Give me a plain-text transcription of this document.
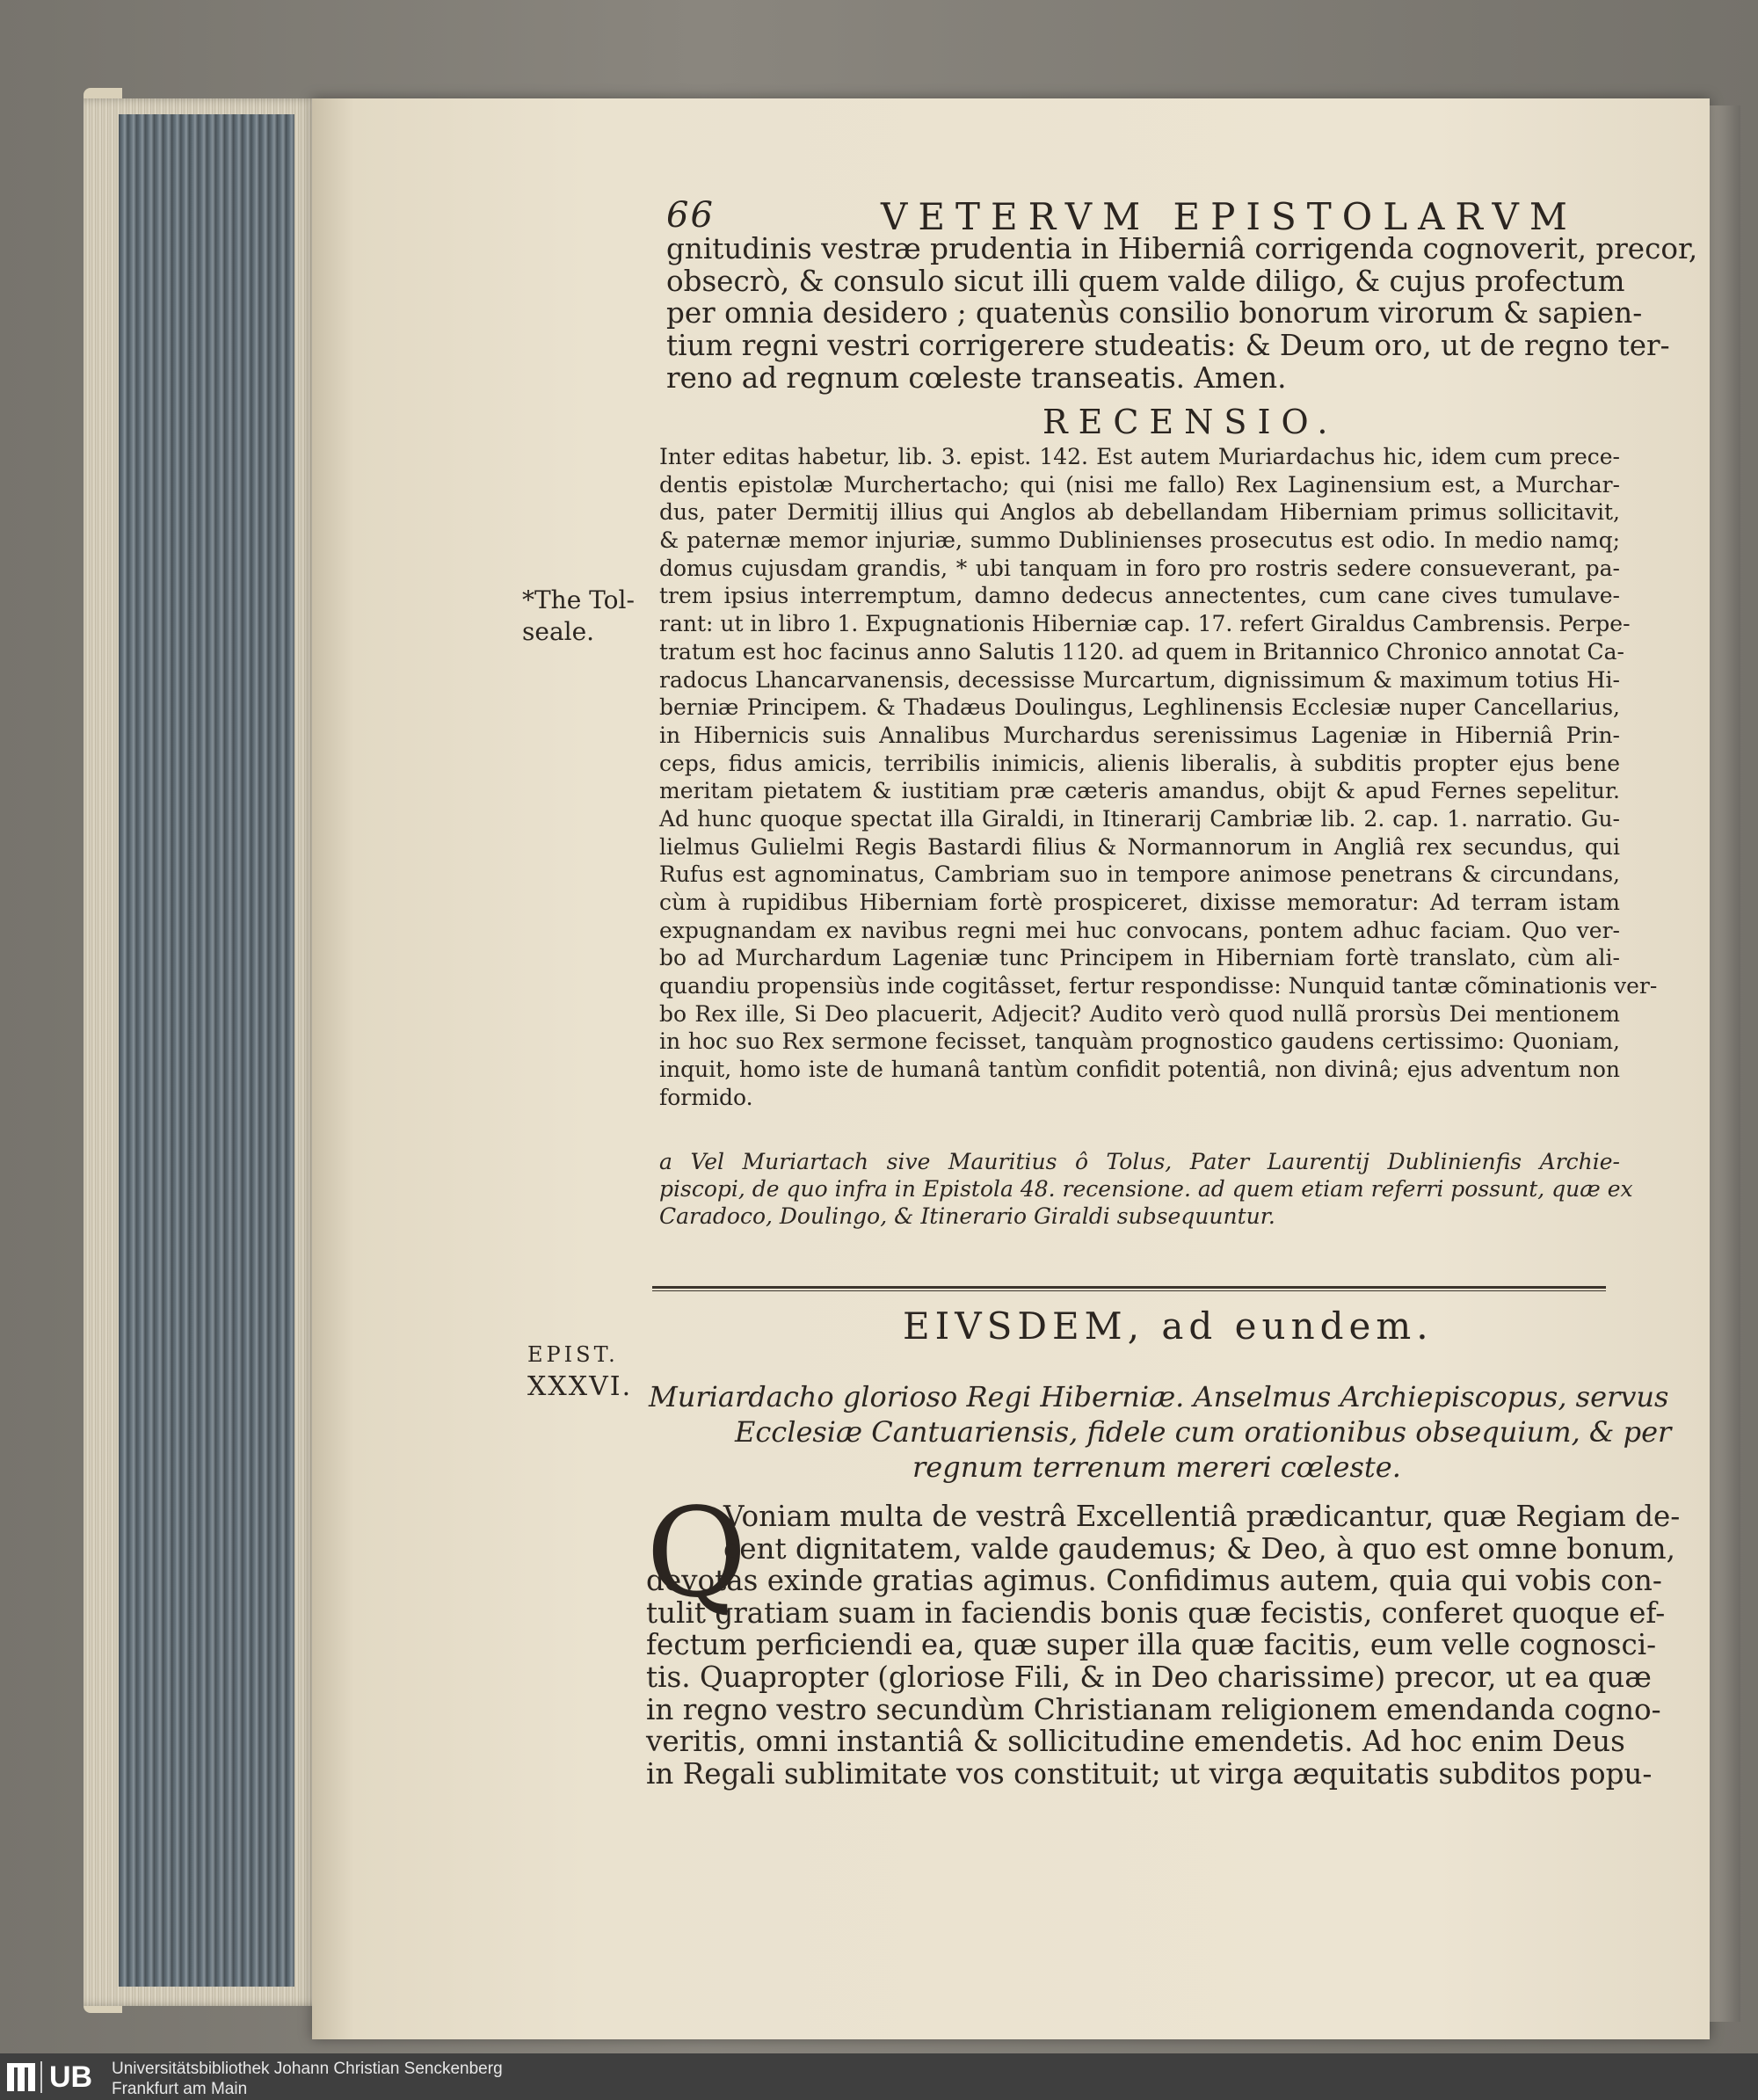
66	VETERVM EPISTOLARVM
gnitudinis vestræ prudentia in Hiberniâ corrigenda cognoverit, precor,
obsecrò, & consulo sicut illi quem valde diligo, & cujus profectum
per omnia desidero ; quatenùs consilio bonorum virorum & sapien-
tium regni vestri corrigerere studeatis: & Deum oro, ut de regno ter-
reno ad regnum cœleste transeatis. Amen.
RECENSIO.
Inter editas habetur, lib. 3. epist. 142. Est autem Muriardachus hic, idem cum prece-
dentis epistolæ Murchertacho; qui (nisi me fallo) Rex Laginensium est, a Murchar-
dus, pater Dermitij illius qui Anglos ab debellandam Hiberniam primus sollicitavit,
& paternæ memor injuriæ, summo Dublinienses prosecutus est odio. In medio namq;
domus cujusdam grandis, * ubi tanquam in foro pro rostris sedere consueverant, pa-
trem ipsius interremptum, damno dedecus annectentes, cum cane cives tumulave-
rant: ut in libro 1. Expugnationis Hiberniæ cap. 17. refert Giraldus Cambrensis. Perpe-
tratum est hoc facinus anno Salutis 1120. ad quem in Britannico Chronico annotat Ca-
radocus Lhancarvanensis, decessisse Murcartum, dignissimum & maximum totius Hi-
berniæ Principem. & Thadæus Doulingus, Leghlinensis Ecclesiæ nuper Cancellarius,
in Hibernicis suis Annalibus Murchardus serenissimus Lageniæ in Hiberniâ Prin-
ceps, fidus amicis, terribilis inimicis, alienis liberalis, à subditis propter ejus bene
meritam pietatem & iustitiam præ cæteris amandus, obijt & apud Fernes sepelitur.
Ad hunc quoque spectat illa Giraldi, in Itinerarij Cambriæ lib. 2. cap. 1. narratio. Gu-
lielmus Gulielmi Regis Bastardi filius & Normannorum in Angliâ rex secundus, qui
Rufus est agnominatus, Cambriam suo in tempore animose penetrans & circundans,
cùm à rupidibus Hiberniam fortè prospiceret, dixisse memoratur: Ad terram istam
expugnandam ex navibus regni mei huc convocans, pontem adhuc faciam. Quo ver-
bo ad Murchardum Lageniæ tunc Principem in Hiberniam fortè translato, cùm ali-
quandiu propensiùs inde cogitâsset, fertur respondisse: Nunquid tantæ cõminationis ver-
bo Rex ille, Si Deo placuerit, Adjecit? Audito verò quod nullã prorsùs Dei mentionem
in hoc suo Rex sermone fecisset, tanquàm prognostico gaudens certissimo: Quoniam,
inquit, homo iste de humanâ tantùm confidit potentiâ, non divinâ; ejus adventum non
formido.
*The Tol-
seale.
a Vel Muriartach sive Mauritius ô Tolus, Pater Laurentij Dublinienfis Archie-
piscopi, de quo infra in Epistola 48. recensione. ad quem etiam referri possunt, quæ ex
Caradoco, Doulingo, & Itinerario Giraldi subsequuntur.
EIVSDEM, ad eundem.
EPIST.
XXXVI. Muriardacho glorioso Regi Hiberniæ. Anselmus Archiepiscopus, servus
Ecclesiæ Cantuariensis, fidele cum orationibus obsequium, & per
regnum terrenum mereri cœleste.
Q
Voniam multa de vestrâ Excellentiâ prædicantur, quæ Regiam de-
cent dignitatem, valde gaudemus; & Deo, à quo est omne bonum,
devotas exinde gratias agimus. Confidimus autem, quia qui vobis con-
tulit gratiam suam in faciendis bonis quæ fecistis, conferet quoque ef-
fectum perficiendi ea, quæ super illa quæ facitis, eum velle cognosci-
tis. Quapropter (gloriose Fili, & in Deo charissime) precor, ut ea quæ
in regno vestro secundùm Christianam religionem emendanda cogno-
veritis, omni instantiâ & sollicitudine emendetis. Ad hoc enim Deus
in Regali sublimitate vos constituit; ut virga æquitatis subditos popu-
UB Universitätsbibliothek Johann Christian Senckenberg
Frankfurt am Main
